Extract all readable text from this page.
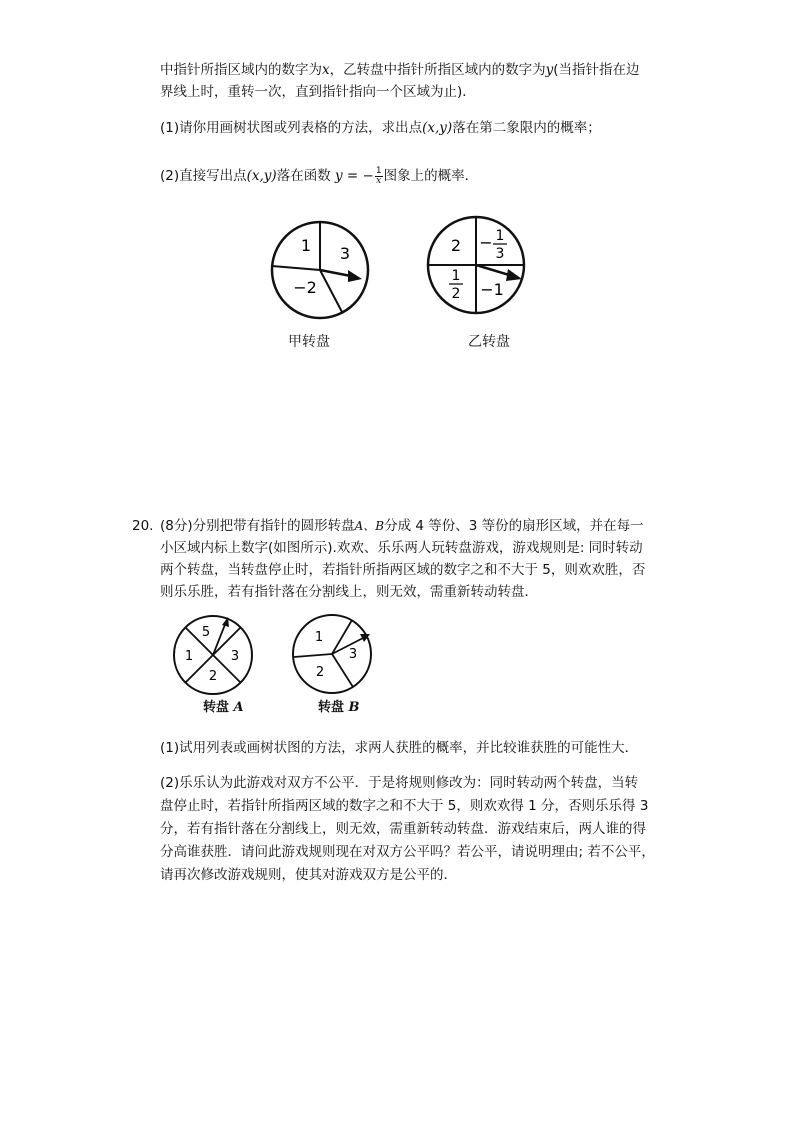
中指针所指区域内的数字为x，乙转盘中指针所指区域内的数字为y(当指针指在边
界线上时，重转一次，直到指针指向一个区域为止)．
(1)请你用画树状图或列表格的方法，求出点(x,y)落在第二象限内的概率；
(2)直接写出点(x,y)落在函数 y = − $\frac{1}{x}$ 图象上的概率．
1 3
−2
甲转盘
2 − 1
3
1
2 −1
乙转盘
20. (8分)分别把带有指针的圆形转盘A、B分成 4 等份、3 等份的扇形区域，并在每一
小区域内标上数字(如图所示).欢欢、乐乐两人玩转盘游戏，游戏规则是: 同时转动
两个转盘，当转盘停止时，若指针所指两区域的数字之和不大于 5，则欢欢胜，否
则乐乐胜，若有指针落在分割线上，则无效，需重新转动转盘．
5
1	3
2
转盘 A
1
3
2
转盘 B
(1)试用列表或画树状图的方法，求两人获胜的概率，并比较谁获胜的可能性大．
(2)乐乐认为此游戏对双方不公平．于是将规则修改为：同时转动两个转盘，当转
盘停止时，若指针所指两区域的数字之和不大于 5，则欢欢得 1 分，否则乐乐得 3
分，若有指针落在分割线上，则无效，需重新转动转盘．游戏结束后，两人谁的得
分高谁获胜．请问此游戏规则现在对双方公平吗？若公平，请说明理由; 若不公平，
请再次修改游戏规则，使其对游戏双方是公平的．
